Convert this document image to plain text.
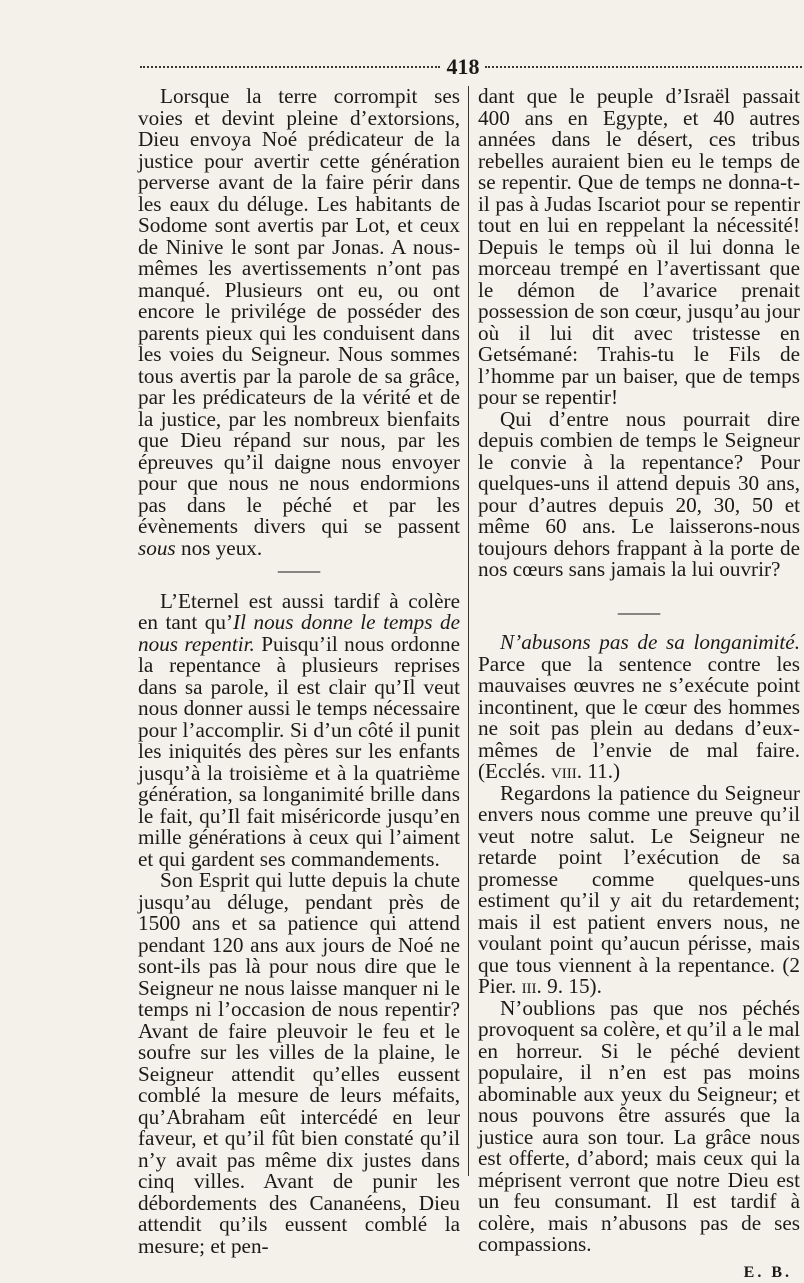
418

Lorsque la terre corrompit ses voies et devint pleine d’extorsions, Dieu envoya Noé prédicateur de la justice pour avertir cette génération perverse avant de la faire périr dans les eaux du déluge. Les habitants de Sodome sont avertis par Lot, et ceux de Ninive le sont par Jonas. A nous-mêmes les avertissements n’ont pas manqué. Plusieurs ont eu, ou ont encore le privilége de posséder des parents pieux qui les conduisent dans les voies du Seigneur. Nous sommes tous avertis par la parole de sa grâce, par les prédicateurs de la vérité et de la justice, par les nombreux bienfaits que Dieu répand sur nous, par les épreuves qu’il daigne nous envoyer pour que nous ne nous endormions pas dans le péché et par les évènements divers qui se passent sous nos yeux.

——

L’Eternel est aussi tardif à colère en tant qu’Il nous donne le temps de nous repentir. Puisqu’il nous ordonne la repentance à plusieurs reprises dans sa parole, il est clair qu’Il veut nous donner aussi le temps nécessaire pour l’accomplir. Si d’un côté il punit les iniquités des pères sur les enfants jusqu’à la troisième et à la quatrième génération, sa longanimité brille dans le fait, qu’Il fait miséricorde jusqu’en mille générations à ceux qui l’aiment et qui gardent ses commandements.

Son Esprit qui lutte depuis la chute jusqu’au déluge, pendant près de 1500 ans et sa patience qui attend pendant 120 ans aux jours de Noé ne sont-ils pas là pour nous dire que le Seigneur ne nous laisse manquer ni le temps ni l’occasion de nous repentir? Avant de faire pleuvoir le feu et le soufre sur les villes de la plaine, le Seigneur attendit qu’elles eussent comblé la mesure de leurs méfaits, qu’Abraham eût intercédé en leur faveur, et qu’il fût bien constaté qu’il n’y avait pas même dix justes dans cinq villes. Avant de punir les débordements des Cananéens, Dieu attendit qu’ils eussent comblé la mesure; et pen-

dant que le peuple d’Israël passait 400 ans en Egypte, et 40 autres années dans le désert, ces tribus rebelles auraient bien eu le temps de se repentir. Que de temps ne donna-t-il pas à Judas Iscariot pour se repentir tout en lui en reppelant la nécessité! Depuis le temps où il lui donna le morceau trempé en l’avertissant que le démon de l’avarice prenait possession de son cœur, jusqu’au jour où il lui dit avec tristesse en Getsémané: Trahis-tu le Fils de l’homme par un baiser, que de temps pour se repentir!

Qui d’entre nous pourrait dire depuis combien de temps le Seigneur le convie à la repentance? Pour quelques-uns il attend depuis 30 ans, pour d’autres depuis 20, 30, 50 et même 60 ans. Le laisserons-nous toujours dehors frappant à la porte de nos cœurs sans jamais la lui ouvrir?

——

N’abusons pas de sa longanimité. Parce que la sentence contre les mauvaises œuvres ne s’exécute point incontinent, que le cœur des hommes ne soit pas plein au dedans d’eux-mêmes de l’envie de mal faire. (Ecclés. viii. 11.)

Regardons la patience du Seigneur envers nous comme une preuve qu’il veut notre salut. Le Seigneur ne retarde point l’exécution de sa promesse comme quelques-uns estiment qu’il y ait du retardement; mais il est patient envers nous, ne voulant point qu’aucun périsse, mais que tous viennent à la repentance. (2 Pier. iii. 9. 15).

N’oublions pas que nos péchés provoquent sa colère, et qu’il a le mal en horreur. Si le péché devient populaire, il n’en est pas moins abominable aux yeux du Seigneur; et nous pouvons être assurés que la justice aura son tour. La grâce nous est offerte, d’abord; mais ceux qui la méprisent verront que notre Dieu est un feu consumant. Il est tardif à colère, mais n’abusons pas de ses compassions.

E. B.
